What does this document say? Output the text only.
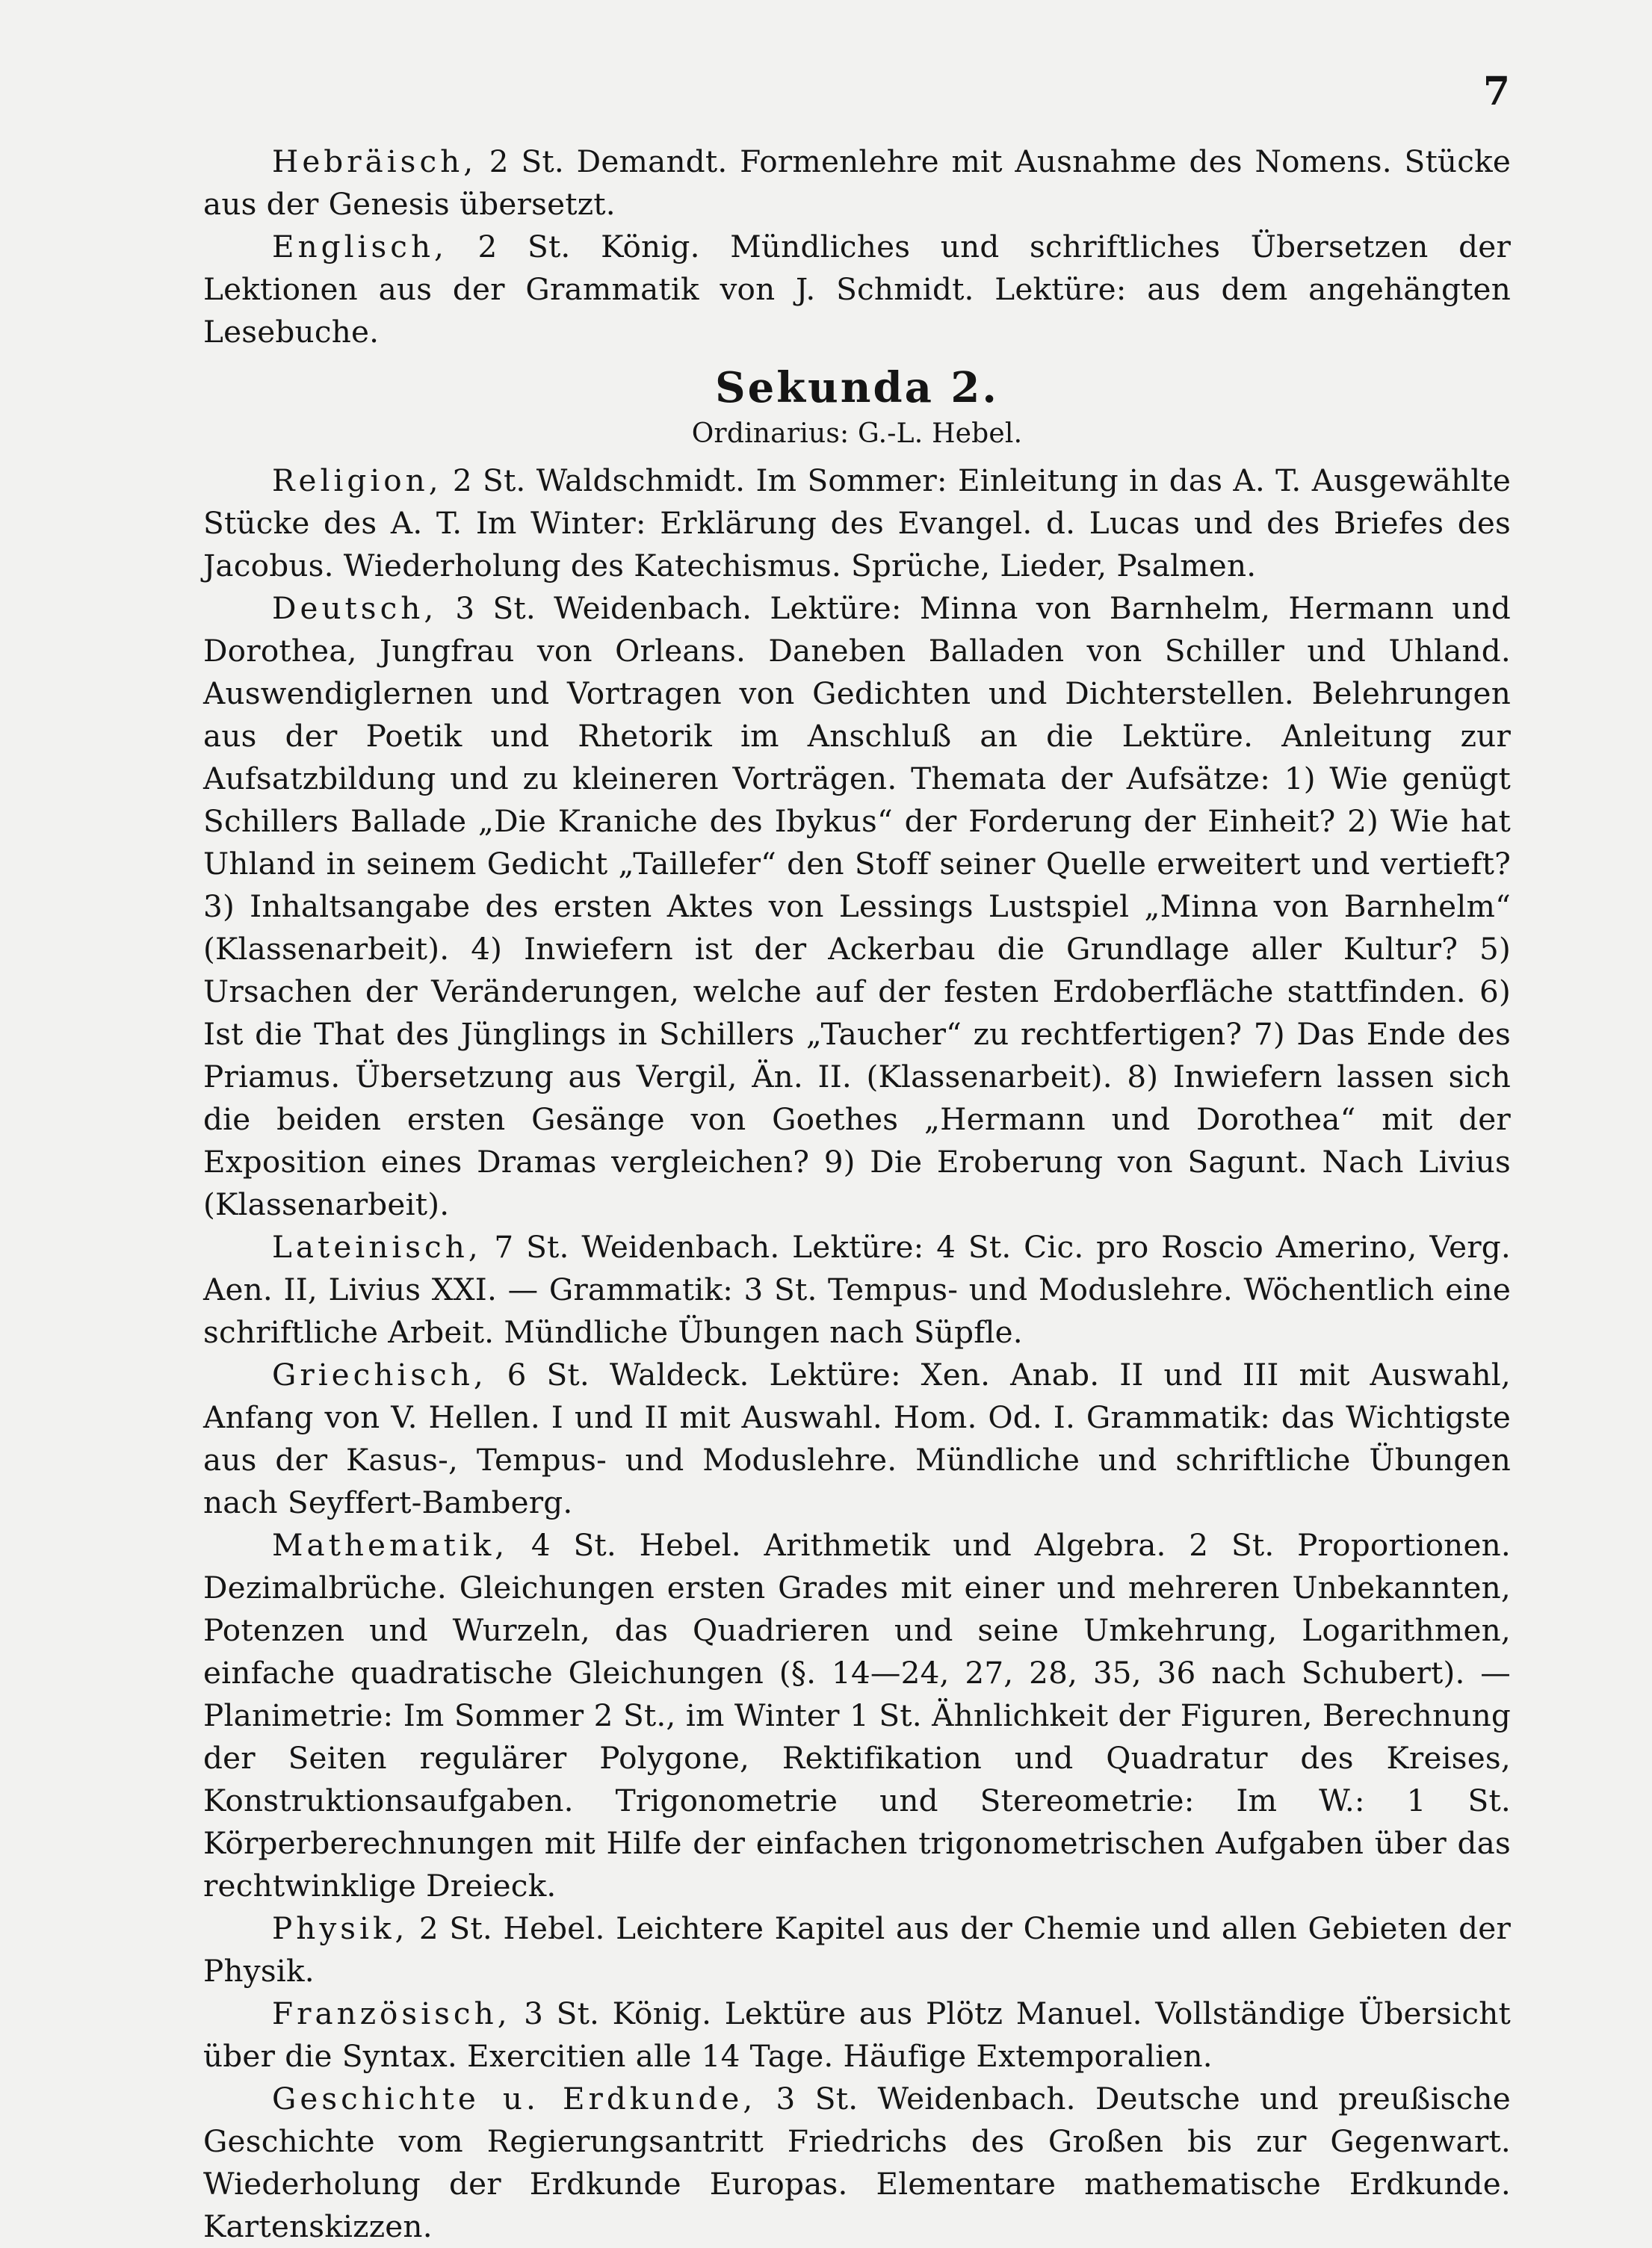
7

Hebräisch, 2 St. Demandt. Formenlehre mit Ausnahme des Nomens. Stücke aus der Genesis übersetzt.

Englisch, 2 St. König. Mündliches und schriftliches Übersetzen der Lektionen aus der Grammatik von J. Schmidt. Lektüre: aus dem angehängten Lesebuche.

Sekunda 2.
Ordinarius: G.-L. Hebel.

Religion, 2 St. Waldschmidt. Im Sommer: Einleitung in das A. T. Ausgewählte Stücke des A. T. Im Winter: Erklärung des Evangel. d. Lucas und des Briefes des Jacobus. Wiederholung des Katechismus. Sprüche, Lieder, Psalmen.

Deutsch, 3 St. Weidenbach. Lektüre: Minna von Barnhelm, Hermann und Dorothea, Jungfrau von Orleans. Daneben Balladen von Schiller und Uhland. Auswendiglernen und Vortragen von Gedichten und Dichterstellen. Belehrungen aus der Poetik und Rhetorik im Anschluß an die Lektüre. Anleitung zur Aufsatzbildung und zu kleineren Vorträgen. Themata der Aufsätze: 1) Wie genügt Schillers Ballade „Die Kraniche des Ibykus“ der Forderung der Einheit? 2) Wie hat Uhland in seinem Gedicht „Taillefer“ den Stoff seiner Quelle erweitert und vertieft? 3) Inhaltsangabe des ersten Aktes von Lessings Lustspiel „Minna von Barnhelm“ (Klassenarbeit). 4) Inwiefern ist der Ackerbau die Grundlage aller Kultur? 5) Ursachen der Veränderungen, welche auf der festen Erdoberfläche stattfinden. 6) Ist die That des Jünglings in Schillers „Taucher“ zu rechtfertigen? 7) Das Ende des Priamus. Übersetzung aus Vergil, Än. II. (Klassenarbeit). 8) Inwiefern lassen sich die beiden ersten Gesänge von Goethes „Hermann und Dorothea“ mit der Exposition eines Dramas vergleichen? 9) Die Eroberung von Sagunt. Nach Livius (Klassenarbeit).

Lateinisch, 7 St. Weidenbach. Lektüre: 4 St. Cic. pro Roscio Amerino, Verg. Aen. II, Livius XXI. — Grammatik: 3 St. Tempus- und Moduslehre. Wöchentlich eine schriftliche Arbeit. Mündliche Übungen nach Süpfle.

Griechisch, 6 St. Waldeck. Lektüre: Xen. Anab. II und III mit Auswahl, Anfang von V. Hellen. I und II mit Auswahl. Hom. Od. I. Grammatik: das Wichtigste aus der Kasus-, Tempus- und Moduslehre. Mündliche und schriftliche Übungen nach Seyffert-Bamberg.

Mathematik, 4 St. Hebel. Arithmetik und Algebra. 2 St. Proportionen. Dezimalbrüche. Gleichungen ersten Grades mit einer und mehreren Unbekannten, Potenzen und Wurzeln, das Quadrieren und seine Umkehrung, Logarithmen, einfache quadratische Gleichungen (§. 14—24, 27, 28, 35, 36 nach Schubert). — Planimetrie: Im Sommer 2 St., im Winter 1 St. Ähnlichkeit der Figuren, Berechnung der Seiten regulärer Polygone, Rektifikation und Quadratur des Kreises, Konstruktionsaufgaben. Trigonometrie und Stereometrie: Im W.: 1 St. Körperberechnungen mit Hilfe der einfachen trigonometrischen Aufgaben über das rechtwinklige Dreieck.

Physik, 2 St. Hebel. Leichtere Kapitel aus der Chemie und allen Gebieten der Physik.

Französisch, 3 St. König. Lektüre aus Plötz Manuel. Vollständige Übersicht über die Syntax. Exercitien alle 14 Tage. Häufige Extemporalien.

Geschichte u. Erdkunde, 3 St. Weidenbach. Deutsche und preußische Geschichte vom Regierungsantritt Friedrichs des Großen bis zur Gegenwart. Wiederholung der Erdkunde Europas. Elementare mathematische Erdkunde. Kartenskizzen.
